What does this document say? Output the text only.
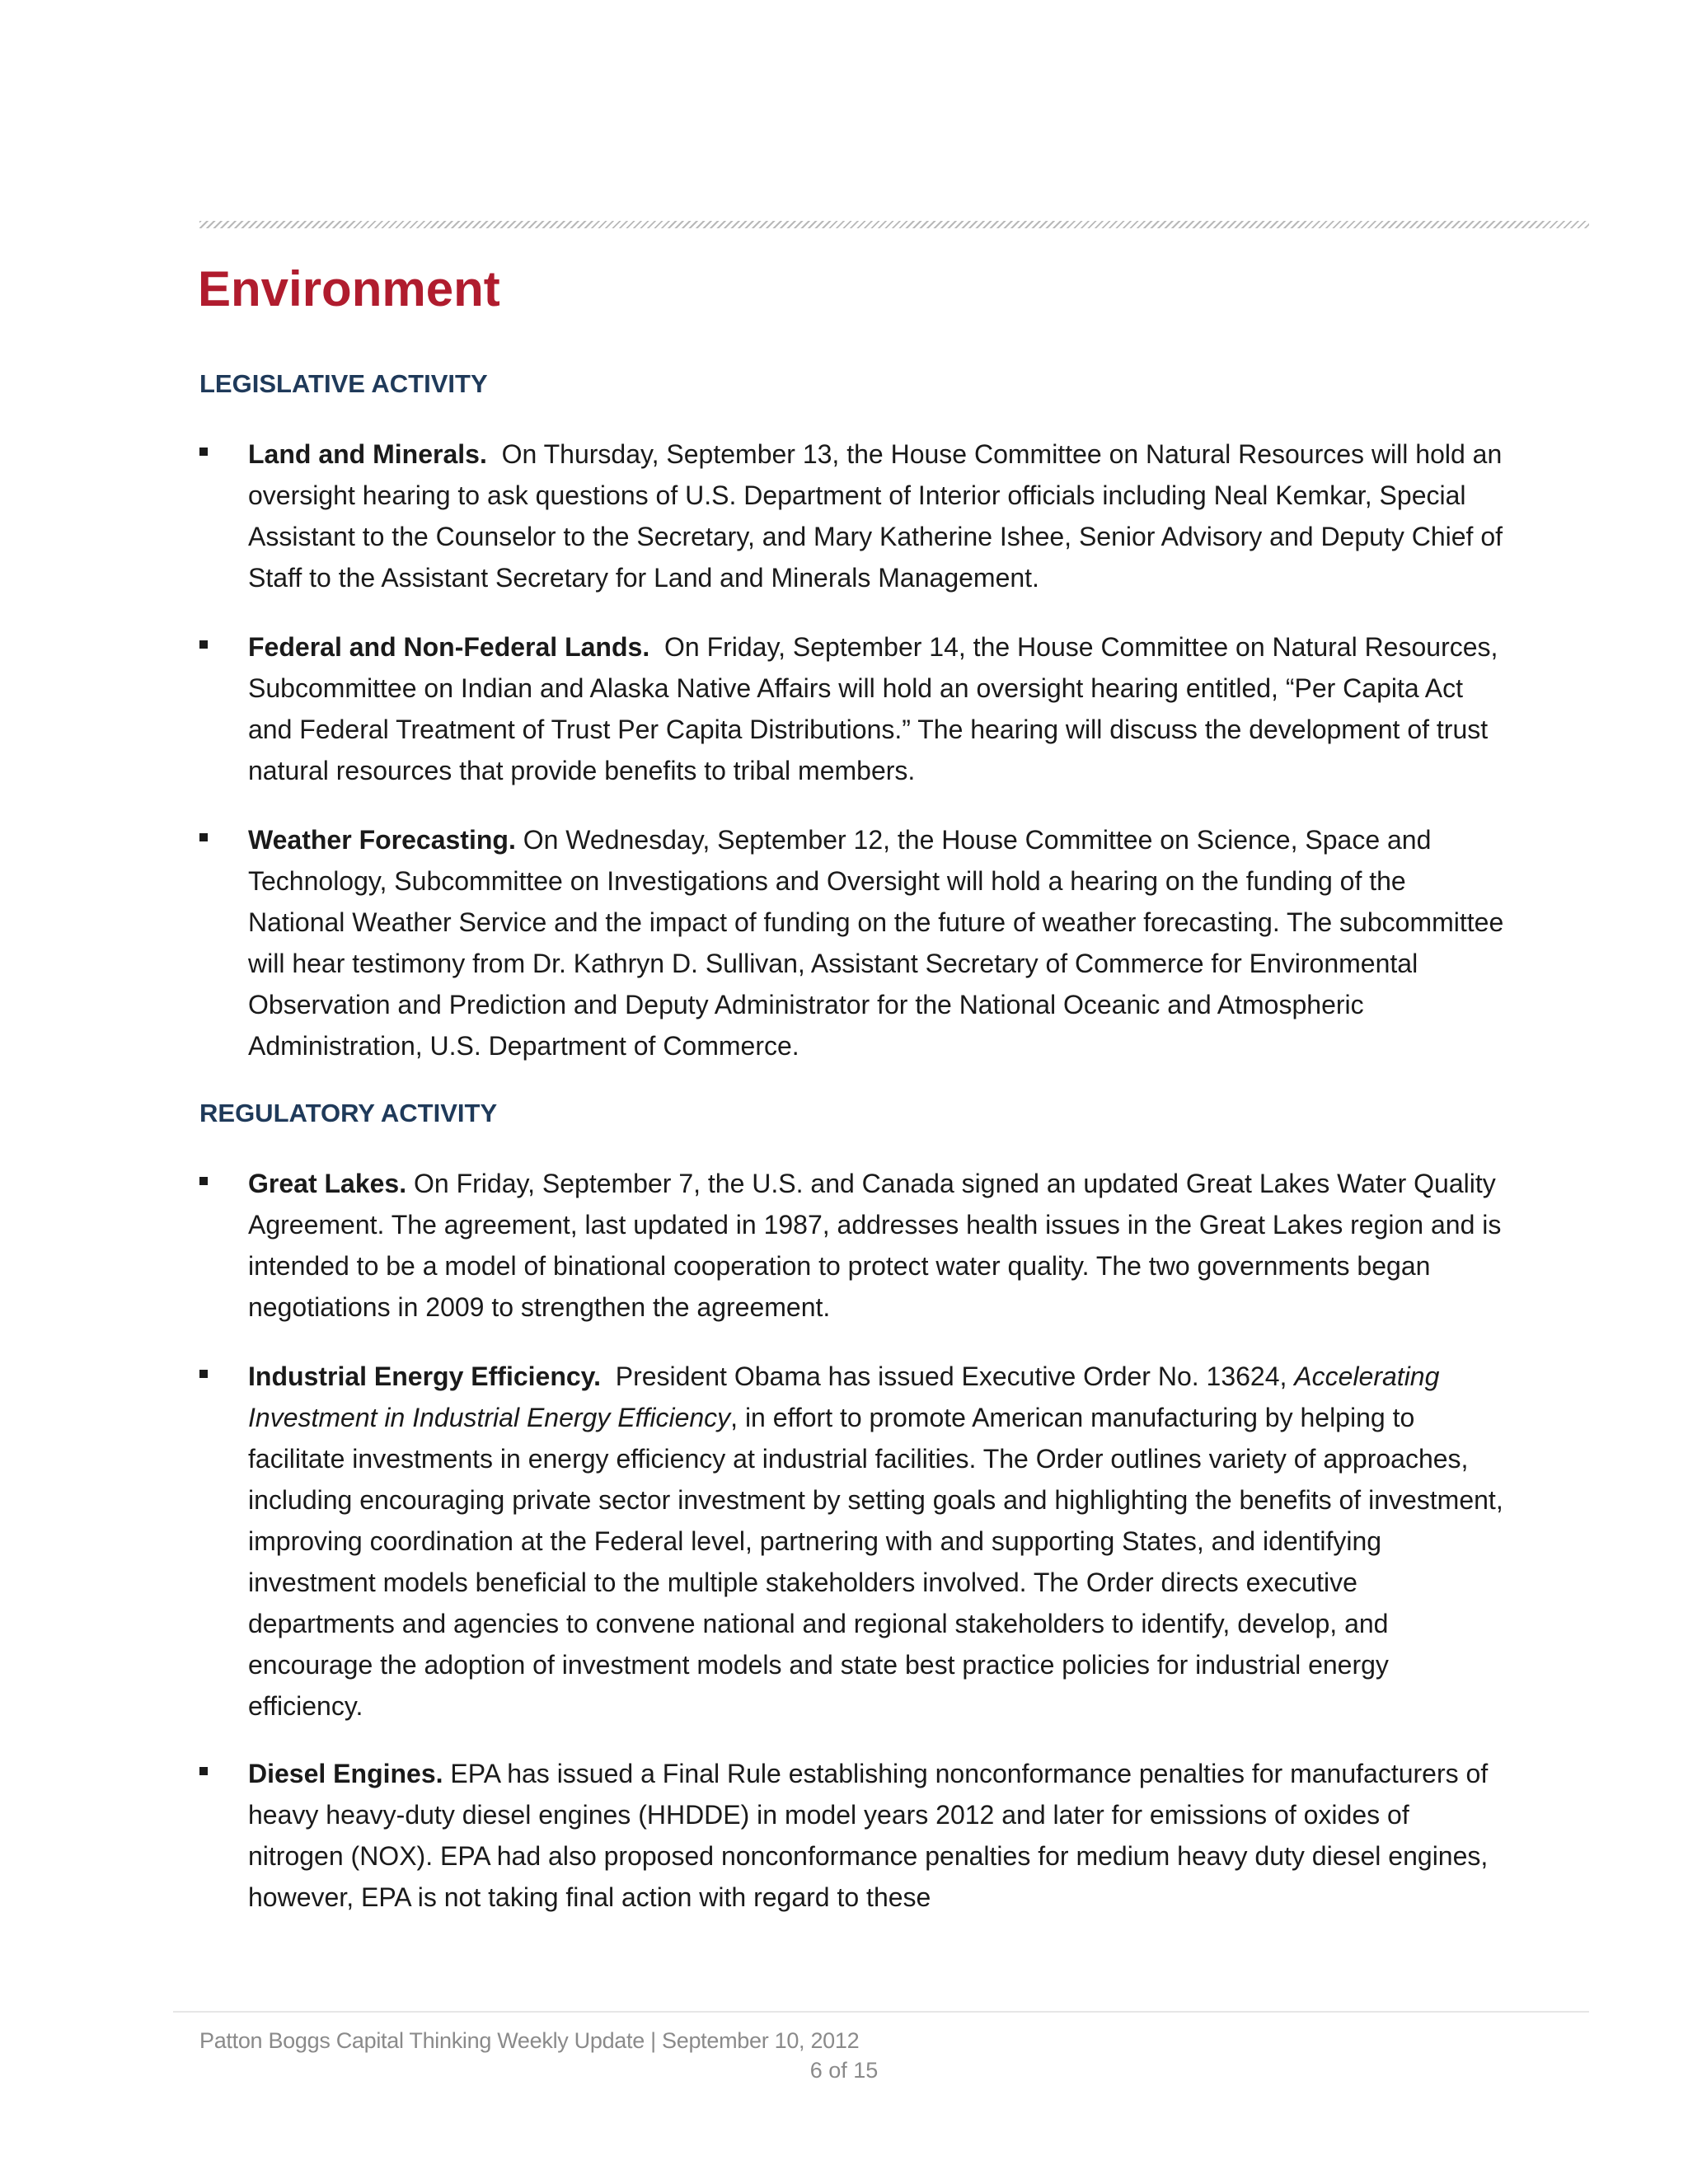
Environment
LEGISLATIVE ACTIVITY

Land and Minerals. On Thursday, September 13, the House Committee on Natural Resources will hold an oversight hearing to ask questions of U.S. Department of Interior officials including Neal Kemkar, Special Assistant to the Counselor to the Secretary, and Mary Katherine Ishee, Senior Advisory and Deputy Chief of Staff to the Assistant Secretary for Land and Minerals Management.

Federal and Non-Federal Lands. On Friday, September 14, the House Committee on Natural Resources, Subcommittee on Indian and Alaska Native Affairs will hold an oversight hearing entitled, “Per Capita Act and Federal Treatment of Trust Per Capita Distributions.” The hearing will discuss the development of trust natural resources that provide benefits to tribal members.

Weather Forecasting. On Wednesday, September 12, the House Committee on Science, Space and Technology, Subcommittee on Investigations and Oversight will hold a hearing on the funding of the National Weather Service and the impact of funding on the future of weather forecasting. The subcommittee will hear testimony from Dr. Kathryn D. Sullivan, Assistant Secretary of Commerce for Environmental Observation and Prediction and Deputy Administrator for the National Oceanic and Atmospheric Administration, U.S. Department of Commerce.

REGULATORY ACTIVITY

Great Lakes. On Friday, September 7, the U.S. and Canada signed an updated Great Lakes Water Quality Agreement. The agreement, last updated in 1987, addresses health issues in the Great Lakes region and is intended to be a model of binational cooperation to protect water quality. The two governments began negotiations in 2009 to strengthen the agreement.

Industrial Energy Efficiency. President Obama has issued Executive Order No. 13624, Accelerating Investment in Industrial Energy Efficiency, in effort to promote American manufacturing by helping to facilitate investments in energy efficiency at industrial facilities. The Order outlines variety of approaches, including encouraging private sector investment by setting goals and highlighting the benefits of investment, improving coordination at the Federal level, partnering with and supporting States, and identifying investment models beneficial to the multiple stakeholders involved. The Order directs executive departments and agencies to convene national and regional stakeholders to identify, develop, and encourage the adoption of investment models and state best practice policies for industrial energy efficiency.

Diesel Engines. EPA has issued a Final Rule establishing nonconformance penalties for manufacturers of heavy heavy-duty diesel engines (HHDDE) in model years 2012 and later for emissions of oxides of nitrogen (NOX). EPA had also proposed nonconformance penalties for medium heavy duty diesel engines, however, EPA is not taking final action with regard to these

Patton Boggs Capital Thinking Weekly Update | September 10, 2012
6 of 15
